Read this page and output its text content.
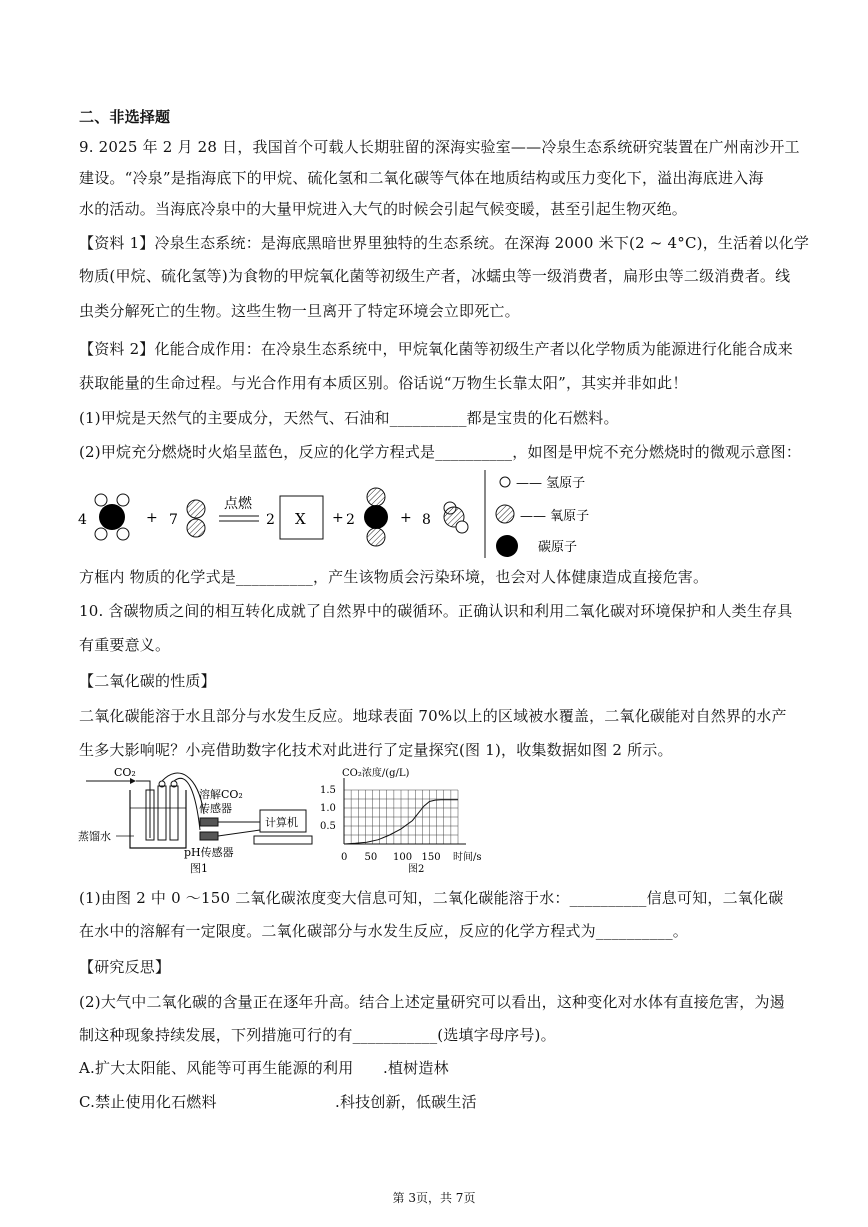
二、非选择题
9. 2025 年 2 月 28 日，我国首个可载人长期驻留的深海实验室——冷泉生态系统研究装置在广州南沙开工
建设。“冷泉”是指海底下的甲烷、硫化氢和二氧化碳等气体在地质结构或压力变化下，溢出海底进入海
水的活动。当海底冷泉中的大量甲烷进入大气的时候会引起气候变暖，甚至引起生物灭绝。
【资料 1】冷泉生态系统：是海底黑暗世界里独特的生态系统。在深海 2000 米下(2 ~ 4°C)，生活着以化学
物质(甲烷、硫化氢等)为食物的甲烷氧化菌等初级生产者，冰蠕虫等一级消费者，扁形虫等二级消费者。线
虫类分解死亡的生物。这些生物一旦离开了特定环境会立即死亡。
【资料 2】化能合成作用：在冷泉生态系统中，甲烷氧化菌等初级生产者以化学物质为能源进行化能合成来
获取能量的生命过程。与光合作用有本质区别。俗话说“万物生长靠太阳”，其实并非如此！
(1)甲烷是天然气的主要成分，天然气、石油和__________都是宝贵的化石燃料。
(2)甲烷充分燃烧时火焰呈蓝色，反应的化学方程式是__________，如图是甲烷不充分燃烧时的微观示意图：
4	+ 7
点燃
2 X + 2	+ 8
—— 氢原子
—— 氧原子
碳原子
方框内 物质的化学式是__________，产生该物质会污染环境，也会对人体健康造成直接危害。
10. 含碳物质之间的相互转化成就了自然界中的碳循环。正确认识和利用二氧化碳对环境保护和人类生存具
有重要意义。
【二氧化碳的性质】
二氧化碳能溶于水且部分与水发生反应。地球表面 70%以上的区域被水覆盖，二氧化碳能对自然界的水产
生多大影响呢？小亮借助数字化技术对此进行了定量探究(图 1)，收集数据如图 2 所示。
CO₂
溶解CO₂
传感器
计算机
蒸馏水
pH传感器
图1
CO₂浓度/(g/L)
时间/s
图2
0 50 100 150
0.5
1.0
1.5
(1)由图 2 中 0 ～150 二氧化碳浓度变大信息可知，二氧化碳能溶于水：__________信息可知，二氧化碳
在水中的溶解有一定限度。二氧化碳部分与水发生反应，反应的化学方程式为__________。
【研究反思】
(2)大气中二氧化碳的含量正在逐年升高。结合上述定量研究可以看出，这种变化对水体有直接危害，为遏
制这种现象持续发展，下列措施可行的有___________(选填字母序号)。
A.扩大太阳能、风能等可再生能源的利用 .植树造林
C.禁止使用化石燃料	.科技创新，低碳生活
第 3页，共 7页
